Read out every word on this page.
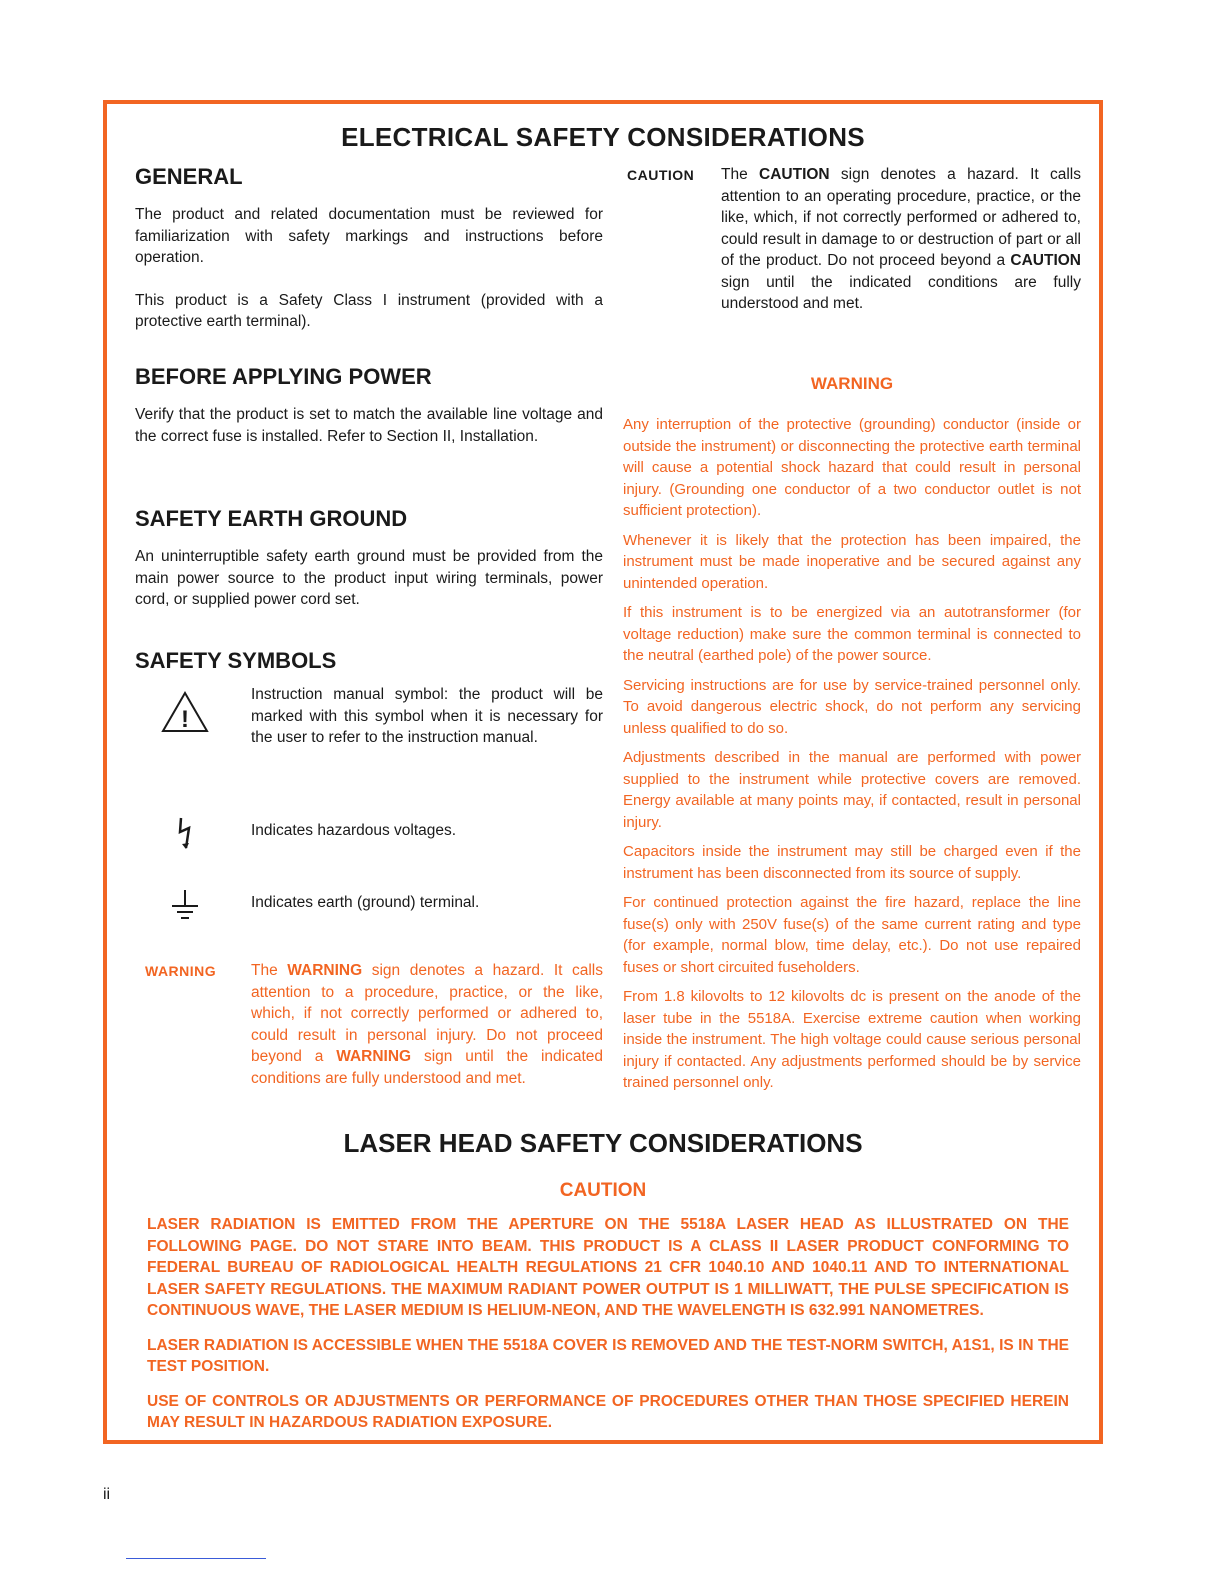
ELECTRICAL SAFETY CONSIDERATIONS
GENERAL

The product and related documentation must be reviewed for familiarization with safety markings and instructions before operation.

This product is a Safety Class I instrument (provided with a protective earth terminal).

BEFORE APPLYING POWER

Verify that the product is set to match the available line voltage and the correct fuse is installed. Refer to Section II, Installation.

SAFETY EARTH GROUND

An uninterruptible safety earth ground must be provided from the main power source to the product input wiring terminals, power cord, or supplied power cord set.

SAFETY SYMBOLS
!
Instruction manual symbol: the product will be marked with this symbol when it is necessary for the user to refer to the instruction manual.
Indicates hazardous voltages.
Indicates earth (ground) terminal.
WARNING The WARNING sign denotes a hazard. It calls attention to a procedure, practice, or the like, which, if not correctly performed or adhered to, could result in personal injury. Do not proceed beyond a WARNING sign until the indicated conditions are fully understood and met.
CAUTION The CAUTION sign denotes a hazard. It calls attention to an operating procedure, practice, or the like, which, if not correctly performed or adhered to, could result in damage to or destruction of part or all of the product. Do not proceed beyond a CAUTION sign until the indicated conditions are fully understood and met.

WARNING

Any interruption of the protective (grounding) conductor (inside or outside the instrument) or disconnecting the protective earth terminal will cause a potential shock hazard that could result in personal injury. (Grounding one conductor of a two conductor outlet is not sufficient protection).

Whenever it is likely that the protection has been impaired, the instrument must be made inoperative and be secured against any unintended operation.

If this instrument is to be energized via an autotransformer (for voltage reduction) make sure the common terminal is connected to the neutral (earthed pole) of the power source.

Servicing instructions are for use by service-trained personnel only. To avoid dangerous electric shock, do not perform any servicing unless qualified to do so.

Adjustments described in the manual are performed with power supplied to the instrument while protective covers are removed. Energy available at many points may, if contacted, result in personal injury.

Capacitors inside the instrument may still be charged even if the instrument has been disconnected from its source of supply.

For continued protection against the fire hazard, replace the line fuse(s) only with 250V fuse(s) of the same current rating and type (for example, normal blow, time delay, etc.). Do not use repaired fuses or short circuited fuseholders.

From 1.8 kilovolts to 12 kilovolts dc is present on the anode of the laser tube in the 5518A. Exercise extreme caution when working inside the instrument. The high voltage could cause serious personal injury if contacted. Any adjustments performed should be by service trained personnel only.

LASER HEAD SAFETY CONSIDERATIONS

CAUTION

LASER RADIATION IS EMITTED FROM THE APERTURE ON THE 5518A LASER HEAD AS ILLUSTRATED ON THE FOLLOWING PAGE. DO NOT STARE INTO BEAM. THIS PRODUCT IS A CLASS II LASER PRODUCT CONFORMING TO FEDERAL BUREAU OF RADIOLOGICAL HEALTH REGULATIONS 21 CFR 1040.10 AND 1040.11 AND TO INTERNATIONAL LASER SAFETY REGULATIONS. THE MAXIMUM RADIANT POWER OUTPUT IS 1 MILLIWATT, THE PULSE SPECIFICATION IS CONTINUOUS WAVE, THE LASER MEDIUM IS HELIUM-NEON, AND THE WAVELENGTH IS 632.991 NANOMETRES.

LASER RADIATION IS ACCESSIBLE WHEN THE 5518A COVER IS REMOVED AND THE TEST-NORM SWITCH, A1S1, IS IN THE TEST POSITION.

USE OF CONTROLS OR ADJUSTMENTS OR PERFORMANCE OF PROCEDURES OTHER THAN THOSE SPECIFIED HEREIN MAY RESULT IN HAZARDOUS RADIATION EXPOSURE.

ii
